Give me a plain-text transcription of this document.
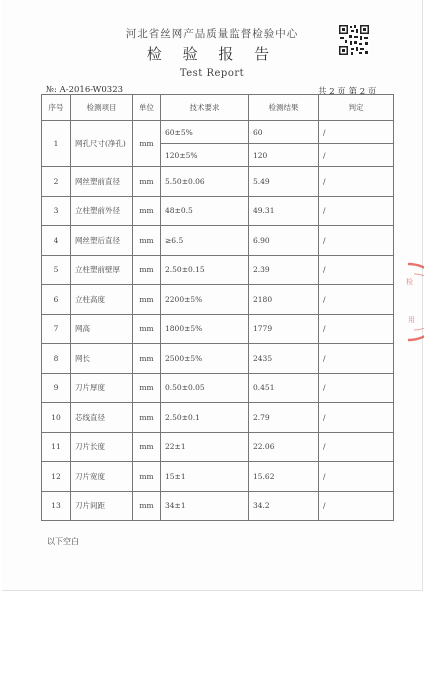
河北省丝网产品质量监督检验中心
检 验 报 告
Test Report
№: A-2016-W0323	共 2 页 第 2 页
序号	检测项目	单位	技术要求	检测结果	判定
1	网孔尺寸(净孔)	mm	60±5%	60	/
			120±5%	120	/
2	网丝塑前直径	mm	5.50±0.06	5.49	/
3	立柱塑前外径	mm	48±0.5	49.31	/
4	网丝塑后直径	mm	≥6.5	6.90	/
5	立柱塑前壁厚	mm	2.50±0.15	2.39	/
6	立柱高度	mm	2200±5%	2180	/
7	网高	mm	1800±5%	1779	/
8	网长	mm	2500±5%	2435	/
9	刀片厚度	mm	0.50±0.05	0.451	/
10	芯线直径	mm	2.50±0.1	2.79	/
11	刀片长度	mm	22±1	22.06	/
12	刀片宽度	mm	15±1	15.62	/
13	刀片间距	mm	34±1	34.2	/
以下空白
检
用
